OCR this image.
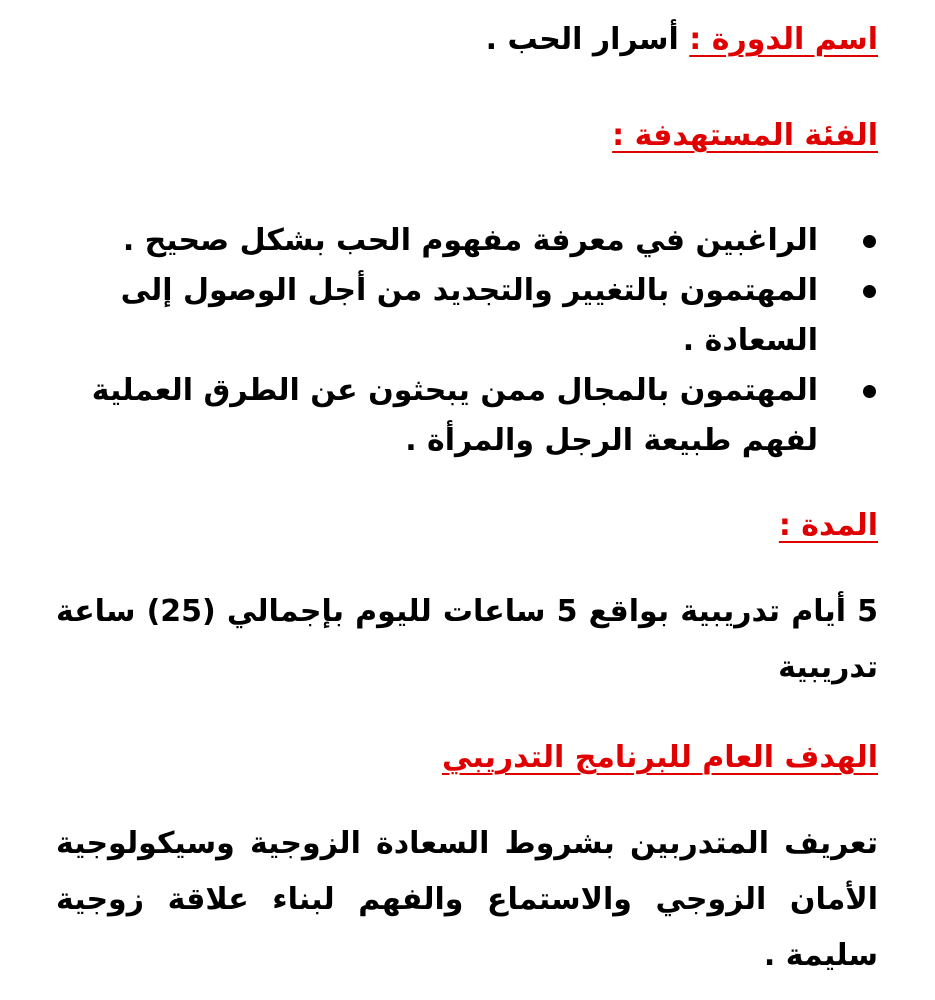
اسم الدورة : أسرار الحب .
الفئة المستهدفة :
الراغبين في معرفة مفهوم الحب بشكل صحيح .
المهتمون بالتغيير والتجديد من أجل الوصول إلى السعادة .
المهتمون بالمجال ممن يبحثون عن الطرق العملية لفهم طبيعة الرجل والمرأة .
المدة :

5 أيام تدريبية بواقع 5 ساعات لليوم بإجمالي (25) ساعة تدريبية

الهدف العام للبرنامج التدريبي

تعريف المتدربين بشروط السعادة الزوجية وسيكولوجية الأمان الزوجي والاستماع والفهم لبناء علاقة زوجية سليمة .
